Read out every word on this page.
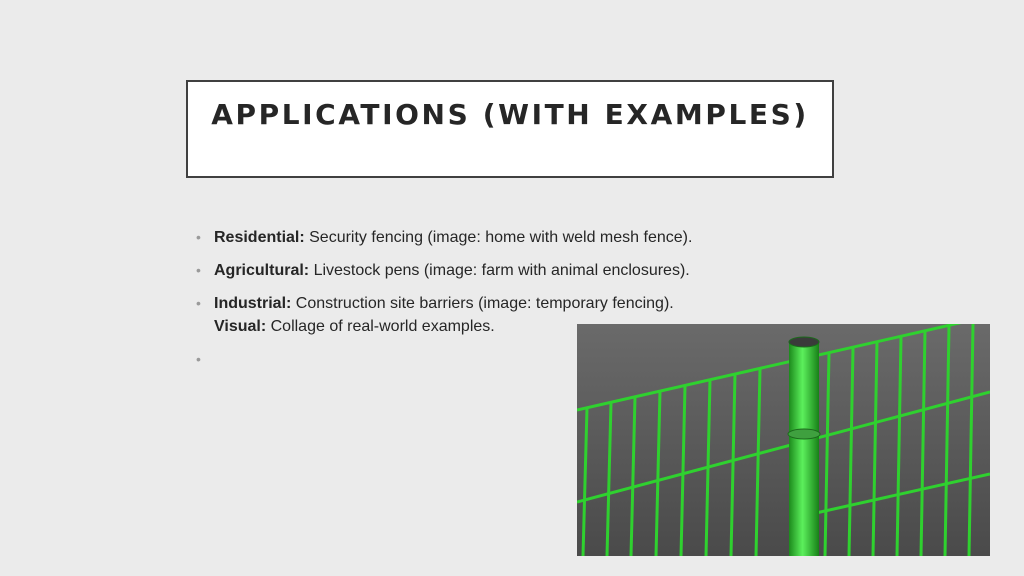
APPLICATIONS (WITH EXAMPLES)
• Residential: Security fencing (image: home with weld mesh fence).
• Agricultural: Livestock pens (image: farm with animal enclosures).
• Industrial: Construction site barriers (image: temporary fencing).
Visual: Collage of real-world examples.
•
